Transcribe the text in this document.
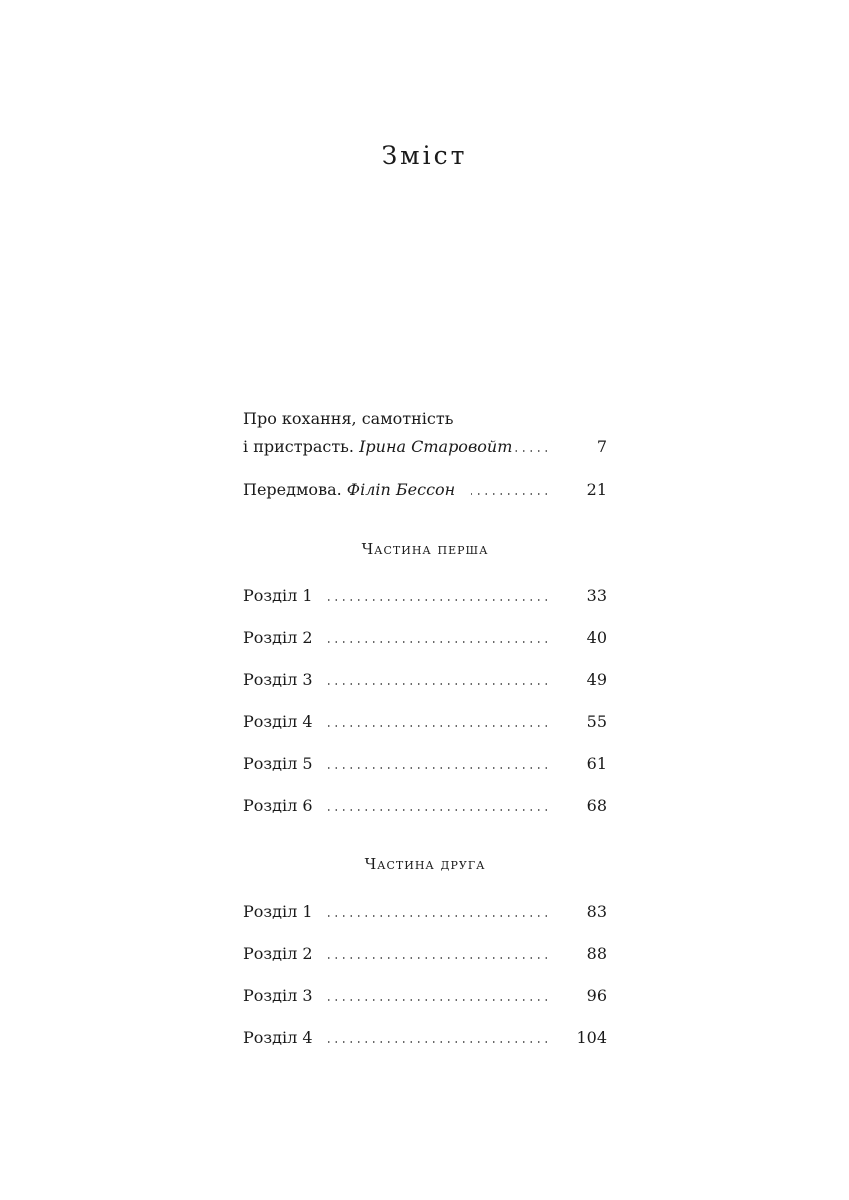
Зміст
Про кохання, самотність
і пристрасть. Ірина Старовойт	7
Передмова. Філіп Бессон	21
Розділ 1	33
Розділ 2	40
Розділ 3	49
Розділ 4	55
Розділ 5	61
Розділ 6	68
Розділ 1	83
Розділ 2	88
Розділ 3	96
Розділ 4	104
Частина перша
Частина друга
